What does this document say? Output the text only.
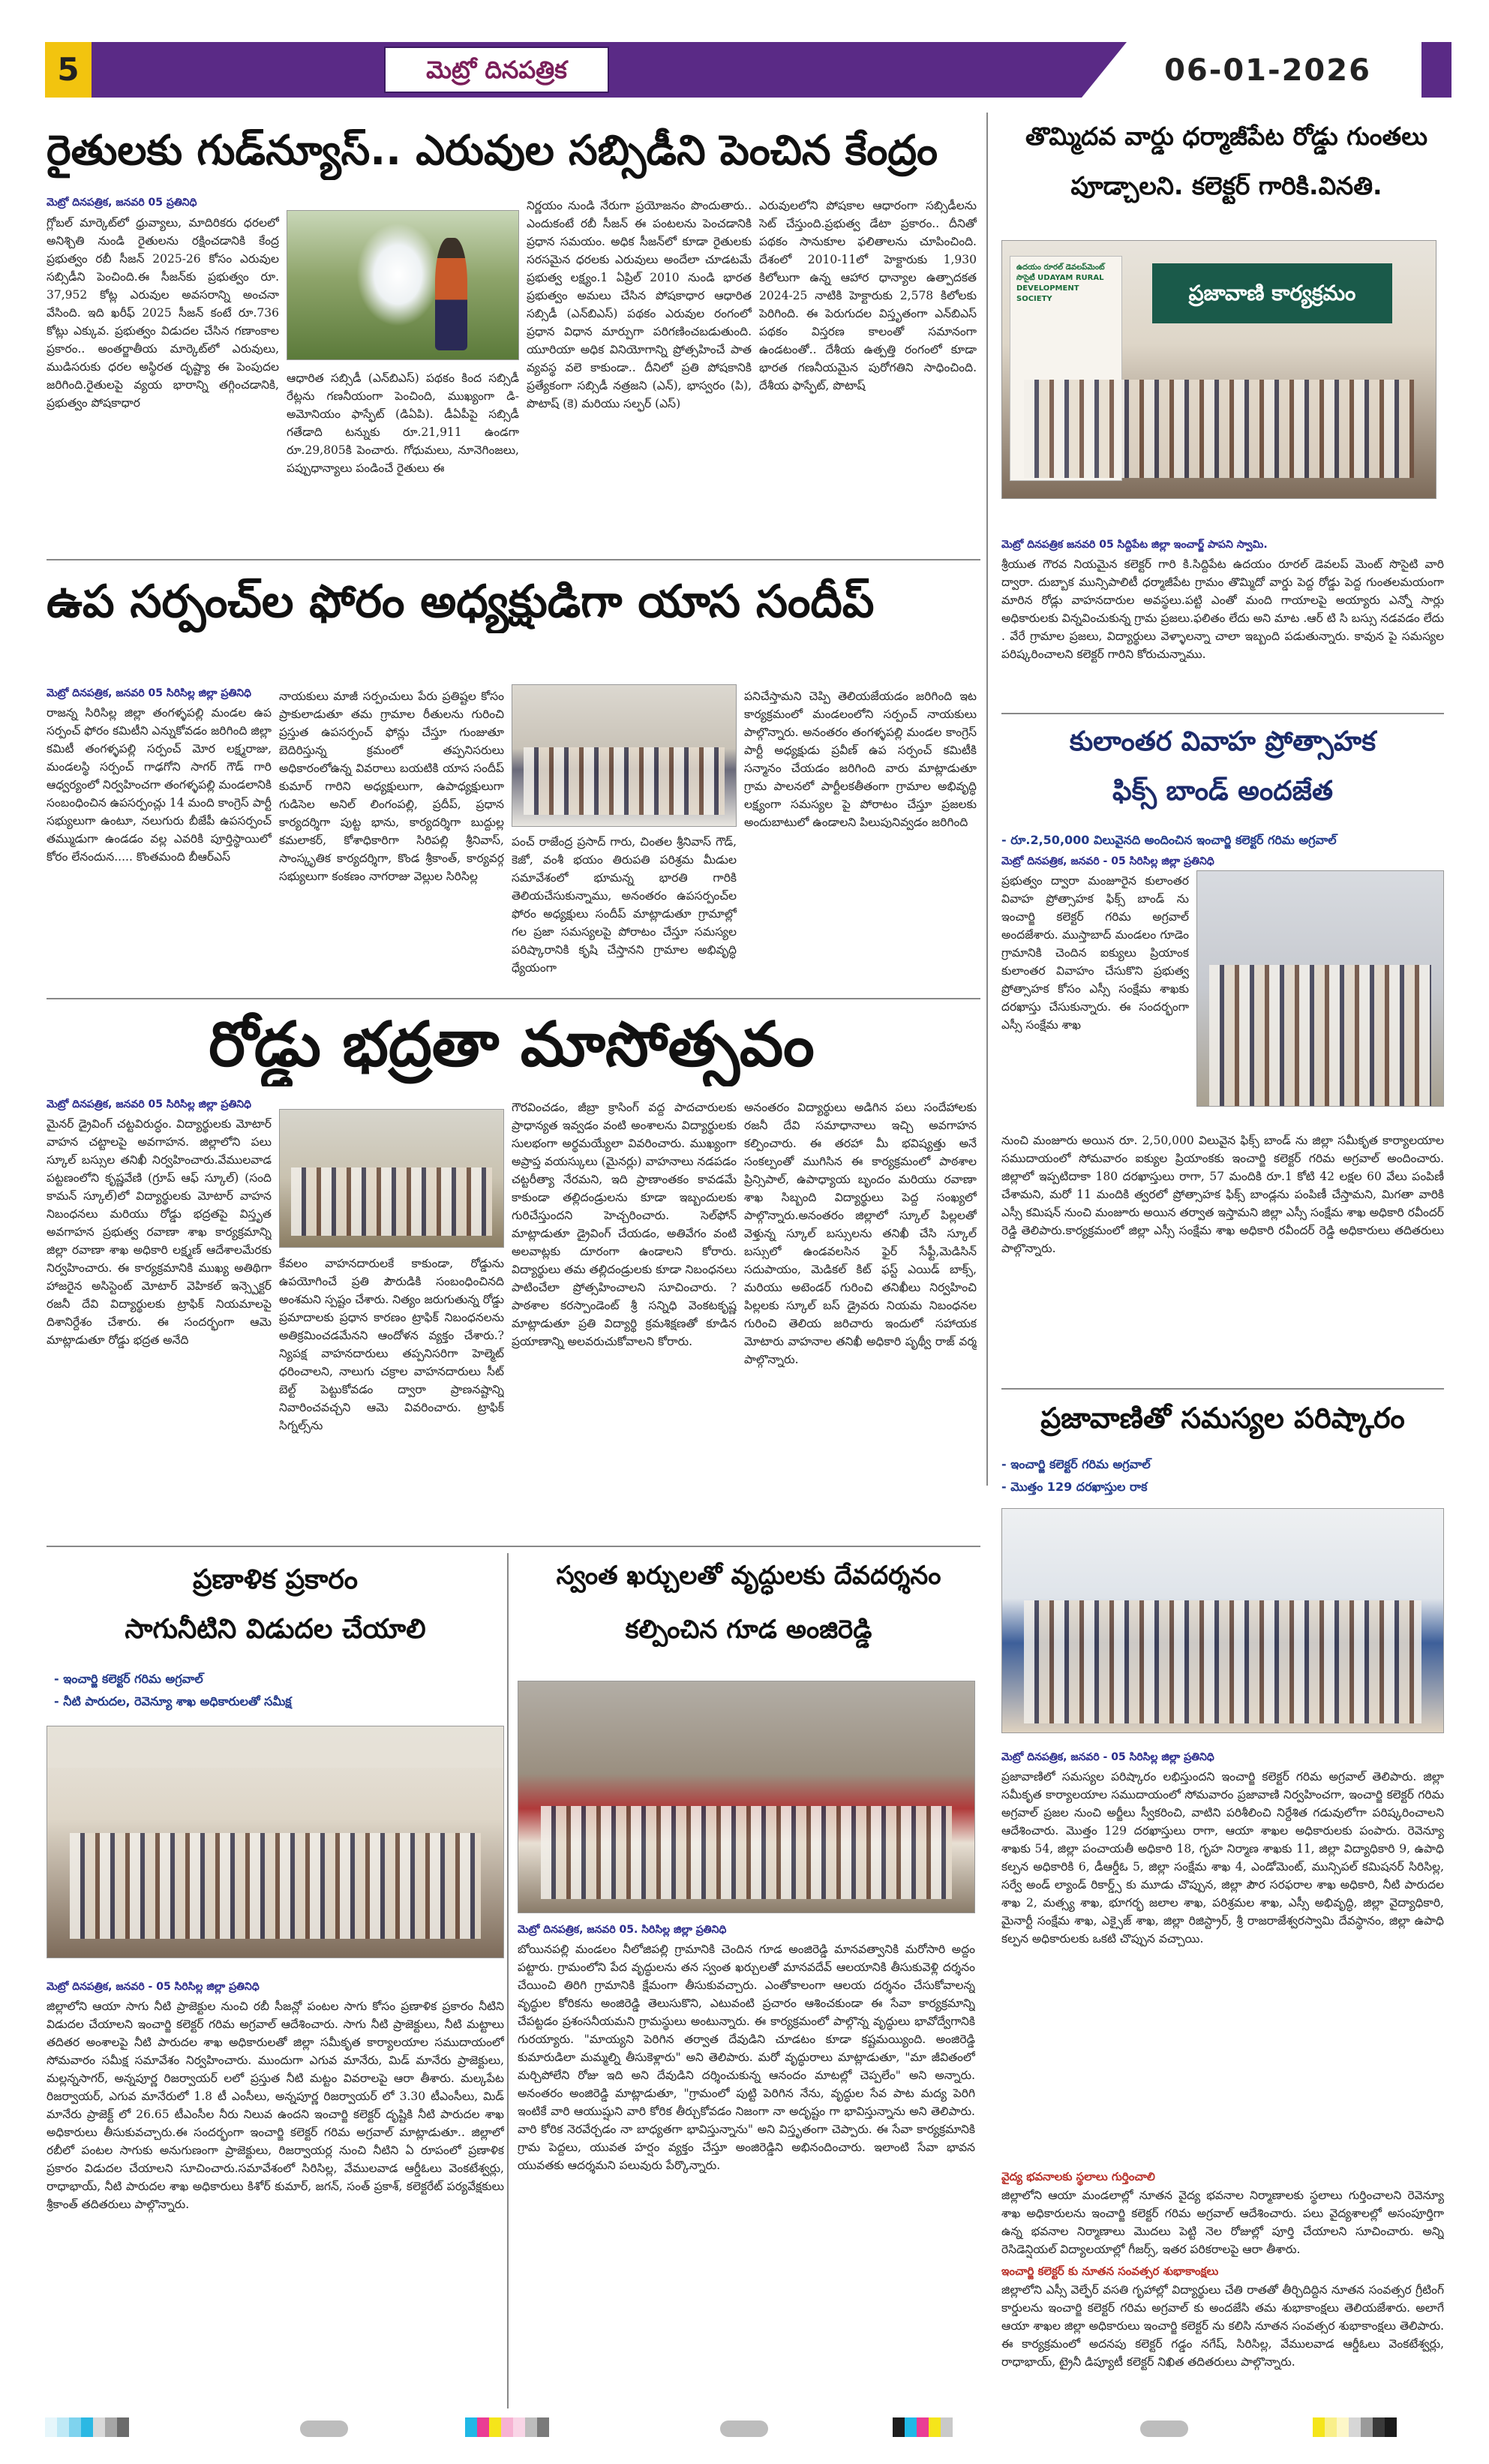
5	మెట్రో దినపత్రిక	06-01-2026
రైతులకు గుడ్‌న్యూస్.. ఎరువుల సబ్సిడీని పెంచిన కేంద్రం
మెట్రో దినపత్రిక, జనవరి 05 ప్రతినిధి
గ్లోబల్ మార్కెట్‌లో ధ్రువ్యాలు, మాదిరికరు ధరలలో అనిశ్చితి నుండి రైతులను రక్షించడానికి కేంద్ర ప్రభుత్వం రబీ సీజన్ 2025-26 కోసం ఎరువుల సబ్సిడీని పెంచింది.ఈ సీజన్‌కు ప్రభుత్వం రూ. 37,952 కోట్ల ఎరువుల అవసరాన్ని అంచనా వేసింది. ఇది ఖరీఫ్ 2025 సీజన్ కంటే రూ.736 కోట్లు ఎక్కువ. ప్రభుత్వం విడుదల చేసిన గణాంకాల ప్రకారం.. అంతర్జాతీయ మార్కెట్‌లో ఎరువులు, ముడిసరుకు ధరల అస్థిరత దృష్ట్యా ఈ పెంపుదల జరిగింది.రైతులపై వ్యయ భారాన్ని తగ్గించడానికి, ప్రభుత్వం పోషకాధార
ఆధారిత సబ్సిడీ (ఎన్‌బిఎస్) పథకం కింద సబ్సిడీ రేట్లను గణనీయంగా పెంచింది, ముఖ్యంగా డి-అమోనియం ఫాస్ఫేట్ (డిఏపి). డీఏపీపై సబ్సిడీ గతేడాది టన్నుకు రూ.21,911 ఉండగా రూ.29,805కి పెంచారు. గోధుమలు, నూనెగింజలు, పప్పుధాన్యాలు పండించే రైతులు ఈ
నిర్ణయం నుండి నేరుగా ప్రయోజనం పొందుతారు.. ఎందుకంటే రబీ సీజన్ ఈ పంటలను పెంచడానికి ప్రధాన సమయం. అధిక సీజన్‌లో కూడా రైతులకు సరసమైన ధరలకు ఎరువులు అందేలా చూడటమే ప్రభుత్వ లక్ష్యం.1 ఏప్రిల్ 2010 నుండి భారత ప్రభుత్వం అమలు చేసిన పోషకాధార ఆధారిత సబ్సిడీ (ఎన్‌బిఎస్) పథకం ఎరువుల రంగంలో ప్రధాన విధాన మార్పుగా పరిగణించబడుతుంది. యూరియా అధిక వినియోగాన్ని ప్రోత్సహించే పాత వ్యవస్థ వలె కాకుండా.. దీనిలో ప్రతి పోషకానికి ప్రత్యేకంగా సబ్సిడీ నత్రజని (ఎన్), భాస్వరం (పి), పొటాష్ (కె) మరియు సల్ఫర్ (ఎస్)
ఎరువులలోని పోషకాల ఆధారంగా సబ్సిడీలను సెట్ చేస్తుంది.ప్రభుత్వ డేటా ప్రకారం.. దీనితో పథకం సానుకూల ఫలితాలను చూపించింది. దేశంలో 2010-11లో హెక్టారుకు 1,930 కిలోలుగా ఉన్న ఆహార ధాన్యాల ఉత్పాదకత 2024-25 నాటికి హెక్టారుకు 2,578 కిలోలకు పెరిగింది. ఈ పెరుగుదల విస్తృతంగా ఎన్‌బిఎస్ పథకం విస్తరణ కాలంతో సమానంగా ఉండటంతో.. దేశీయ ఉత్పత్తి రంగంలో కూడా భారత గణనీయమైన పురోగతిని సాధించింది. దేశీయ ఫాస్ఫేట్, పొటాష్
తొమ్మిదవ వార్డు ధర్మాజీపేట రోడ్డు గుంతలు
పూడ్చాలని. కలెక్టర్ గారికి.వినతి.
ఉదయం రూరల్ డెవలప్‌మెంట్ సొసైటీ UDAYAM RURAL DEVELOPMENT SOCIETY	ప్రజావాణి కార్యక్రమం
మెట్రో దినపత్రిక జనవరి 05 సిద్దిపేట జిల్లా ఇంచార్జ్ పాపని స్వామి.
శ్రీయుత గౌరవ నియమైన కలెక్టర్ గారి కి.సిద్దిపేట ఉదయం రూరల్ డెవలప్ మెంట్ సొసైటి వారి ద్వారా. దుబ్బాక మున్సిపాలిటీ ధర్మాజీపేట గ్రామం తొమ్మిదో వార్డు పెద్ద రోడ్డు పెద్ద గుంతలమయంగా మారిన రోడ్లు వాహనదారుల అవస్థలు.పట్టి ఎంతో మంది గాయాలపై అయ్యారు ఎన్నో సార్లు అధికారులకు విన్నవించుకున్న గ్రామ ప్రజలు.ఫలితం లేదు అని మాట .ఆర్ టి సి బస్సు నడవడం లేదు . వేరే గ్రామాల ప్రజలు, విద్యార్థులు వెళ్ళాలన్నా చాలా ఇబ్బంది పడుతున్నారు. కావున పై సమస్యల పరిష్కరించాలని కలెక్టర్ గారిని కోరుచున్నాము.
ఉప సర్పంచ్‌ల ఫోరం అధ్యక్షుడిగా యాస సందీప్
మెట్రో దినపత్రిక, జనవరి 05 సిరిసిల్ల జిల్లా ప్రతినిధి
రాజన్న సిరిసిల్ల జిల్లా తంగళ్ళపల్లి మండల ఉప సర్పంచ్ ఫోరం కమిటీని ఎన్నుకోవడం జరిగింది జిల్లా కమిటీ తంగళ్ళపల్లి సర్పంచ్ మోర లక్ష్మరాజు, మండలస్థి సర్పంచ్ గాఢగోని సాగర్ గౌడ్ గారి ఆధ్వర్యంలో నిర్వహించగా తంగళ్ళపల్లి మండలానికి సంబంధించిన ఉపసర్పంచ్లు 14 మంది కాంగ్రెస్ పార్టీ సభ్యులుగా ఉంటూ, నలుగురు బీజేపీ ఉపసర్పంచ్ తమ్ముడుగా ఉండడం వల్ల ఎవరికి పూర్తిస్థాయిలో కోరం లేనందున..... కొంతమంది బీఆర్ఎస్
నాయకులు మాజీ సర్పంచులు పేరు ప్రతిష్టల కోసం ప్రాకులాడుతూ తమ గ్రామాల రీతులను గురించి ప్రస్తుత ఉపసర్పంచ్ ఫోన్లు చేస్తూ గుంజుతూ బెదిరిస్తున్న క్రమంలో తప్పనిసరులు అధికారంలోఉన్న వివరాలు బయటికి యాస సందీప్ కుమార్ గారిని అధ్యక్షులుగా, ఉపాధ్యక్షులుగా గుడిసెల అనిల్ లింగంపల్లి, ప్రదీప్, ప్రధాన కార్యదర్శిగా పుట్ట భాను, కార్యదర్శిగా బుద్దుల్ల కమలాకర్, కోశాధికారిగా సిరిపల్లి శ్రీనివాస్, సాంస్కృతిక కార్యదర్శిగా, కొండ శ్రీకాంత్, కార్యవర్గ సభ్యులుగా కంకణం నాగరాజు వెల్లుల సిరిసిల్ల
పంచ్ రాజేంద్ర ప్రసాద్ గారు, చింతల శ్రీనివాస్ గౌడ్, కెజో, వంశీ భయం తిరుపతి పరిశ్రమ మీడుల సమావేశంలో భూమన్న భారతి గారికి తెలియచేసుకున్నాము, అనంతరం ఉపసర్పంచ్‌ల ఫోరం అధ్యక్షులు సందీప్ మాట్లాడుతూ గ్రామాల్లో గల ప్రజా సమస్యలపై పోరాటం చేస్తూ సమస్యల పరిష్కారానికి కృషి చేస్తానని గ్రామాల అభివృద్ధి ధ్యేయంగా
పనిచేస్తామని చెప్పి తెలియజేయడం జరిగింది ఇట కార్యక్రమంలో మండలంలోని సర్పంచ్ నాయకులు పాల్గొన్నారు. అనంతరం తంగళ్ళపల్లి మండల కాంగ్రెస్ పార్టీ అధ్యక్షుడు ప్రవీణ్ ఉప సర్పంచ్ కమిటీకి సన్మానం చేయడం జరిగింది వారు మాట్లాడుతూ గ్రామ పాలనలో పార్టీలకతీతంగా గ్రామాల అభివృద్ధి లక్ష్యంగా సమస్యల పై పోరాటం చేస్తూ ప్రజలకు అందుబాటులో ఉండాలని పిలుపునివ్వడం జరిగింది
కులాంతర వివాహ ప్రోత్సాహక
ఫిక్స్ బాండ్ అందజేత
- రూ.2,50,000 విలువైనది అందించిన ఇంచార్జి కలెక్టర్ గరిమ అగ్రవాల్
మెట్రో దినపత్రిక, జనవరి - 05 సిరిసిల్ల జిల్లా ప్రతినిధి
ప్రభుత్వం ద్వారా మంజూరైన కులాంతర వివాహ ప్రోత్సాహక ఫిక్స్ బాండ్ ను ఇంచార్జి కలెక్టర్ గరిమ అగ్రవాల్ అందజేశారు. ముస్తాబాద్ మండలం గూడెం గ్రామానికి చెందిన ఐక్యులు ప్రియాంక కులాంతర వివాహం చేసుకొని ప్రభుత్వ ప్రోత్సాహక కోసం ఎస్సీ సంక్షేమ శాఖకు దరఖాస్తు చేసుకున్నారు. ఈ సందర్భంగా ఎస్సీ సంక్షేమ శాఖ
నుంచి మంజూరు అయిన రూ. 2,50,000 విలువైన ఫిక్స్ బాండ్ ను జిల్లా సమీకృత కార్యాలయాల సముదాయంలో సోమవారం ఐక్యుల ప్రియాంకకు ఇంచార్జి కలెక్టర్ గరిమ అగ్రవాల్ అందించారు. జిల్లాలో ఇప్పటిదాకా 180 దరఖాస్తులు రాగా, 57 మందికి రూ.1 కోటి 42 లక్షల 60 వేలు పంపిణీ చేశామని, మరో 11 మందికి త్వరలో ప్రోత్సాహక ఫిక్స్ బాండ్లను పంపిణీ చేస్తామని, మిగతా వారికి ఎస్సీ కమిషన్ నుంచి మంజూరు అయిన తర్వాత ఇస్తామని జిల్లా ఎస్సీ సంక్షేమ శాఖ అధికారి రవీందర్ రెడ్డి తెలిపారు.కార్యక్రమంలో జిల్లా ఎస్సీ సంక్షేమ శాఖ అధికారి రవీందర్ రెడ్డి అధికారులు తదితరులు పాల్గొన్నారు.
రోడ్డు భద్రతా మాసోత్సవం
మెట్రో దినపత్రిక, జనవరి 05 సిరిసిల్ల జిల్లా ప్రతినిధి
మైనర్ డ్రైవింగ్ చట్టవిరుద్ధం. విద్యార్థులకు మోటార్ వాహన చట్టాలపై అవగాహన. జిల్లాలోని పలు స్కూల్ బస్సుల తనిఖీ నిర్వహించారు.వేములవాడ పట్టణంలోని కృష్ణవేణి (గ్రూప్ ఆఫ్ స్కూల్) (సంది కామన్ స్కూల్)లో విద్యార్థులకు మోటార్ వాహన నిబంధనలు మరియు రోడ్డు భద్రతపై విస్తృత అవగాహన ప్రభుత్వ రవాణా శాఖ కార్యక్రమాన్ని జిల్లా రవాణా శాఖ అధికారి లక్ష్మణ్ ఆదేశాలమేరకు నిర్వహించారు. ఈ కార్యక్రమానికి ముఖ్య అతిథిగా హాజరైన అసిస్టెంట్ మోటార్ వెహికల్ ఇన్స్పెక్టర్ రజనీ దేవి విద్యార్థులకు ట్రాఫిక్ నియమాలపై దిశానిర్దేశం చేశారు. ఈ సందర్భంగా ఆమె మాట్లాడుతూ రోడ్డు భద్రత అనేది
కేవలం వాహనదారులకే కాకుండా, రోడ్డును ఉపయోగించే ప్రతి పౌరుడికి సంబంధించినది అంశమని స్పష్టం చేశారు. నిత్యం జరుగుతున్న రోడ్డు ప్రమాదాలకు ప్రధాన కారణం ట్రాఫిక్ నిబంధనలను అతిక్రమించడమేనని ఆందోళన వ్యక్తం చేశారు.?న్యిపక్ష వాహనదారులు తప్పనిసరిగా హెల్మెట్ ధరించాలని, నాలుగు చక్రాల వాహనదారులు సీట్ బెల్ట్ పెట్టుకోవడం ద్వారా ప్రాణనష్టాన్ని నివారించవచ్చని ఆమె వివరించారు. ట్రాఫిక్ సిగ్నల్స్‌ను
గౌరవించడం, జీబ్రా క్రాసింగ్ వద్ద పాదచారులకు ప్రాధాన్యత ఇవ్వడం వంటి అంశాలను విద్యార్థులకు సులభంగా అర్థమయ్యేలా వివరించారు. ముఖ్యంగా అప్రాప్త వయస్కులు (మైనర్లు) వాహనాలు నడపడం చట్టరీత్యా నేరమని, ఇది ప్రాణాంతకం కావడమే కాకుండా తల్లిదండ్రులను కూడా ఇబ్బందులకు గురిచేస్తుందని హెచ్చరించారు. సెల్‌ఫోన్ మాట్లాడుతూ డ్రైవింగ్ చేయడం, అతివేగం వంటి అలవాట్లకు దూరంగా ఉండాలని కోరారు. విద్యార్థులు తమ తల్లిదండ్రులకు కూడా నిబంధనలు పాటించేలా ప్రోత్సహించాలని సూచించారు. ?పాఠశాల కరస్పాండెంట్ శ్రీ సన్నిధి వెంకటకృష్ణ మాట్లాడుతూ ప్రతి విద్యార్థి క్రమశిక్షణతో కూడిన ప్రయాణాన్ని అలవరుచుకోవాలని కోరారు.
అనంతరం విద్యార్థులు అడిగిన పలు సందేహాలకు రజనీ దేవి సమాధానాలు ఇచ్చి అవగాహన కల్పించారు. ఈ తరహా మీ భవిష్యత్తు అనే సంకల్పంతో ముగిసిన ఈ కార్యక్రమంలో పాఠశాల ప్రిన్సిపాల్, ఉపాధ్యాయ బృందం మరియు రవాణా శాఖ సిబ్బంది విద్యార్థులు పెద్ద సంఖ్యలో పాల్గొన్నారు.అనంతరం జిల్లాలో స్కూల్ పిల్లలతో వెళ్తున్న స్కూల్ బస్సులను తనిఖీ చేసి స్కూల్ బస్సులో ఉండవలసిన ఫైర్ సేఫ్టీ,మెడిసిన్ సదుపాయం, మెడికల్ కిట్ ఫస్ట్ ఎయిడ్ బాక్స్, మరియు అటెండర్ గురించి తనిఖీలు నిర్వహించి పిల్లలకు స్కూల్ బస్ డ్రైవరు నియమ నిబంధనల గురించి తెలియ జరిచారు ఇందులో సహాయక మోటారు వాహనాల తనిఖీ అధికారి పృథ్వీ రాజ్ వర్మ పాల్గొన్నారు.
ప్రజావాణితో సమస్యల పరిష్కారం
- ఇంచార్జి కలెక్టర్ గరిమ అగ్రవాల్
- మొత్తం 129 దరఖాస్తుల రాక
మెట్రో దినపత్రిక, జనవరి - 05 సిరిసిల్ల జిల్లా ప్రతినిధి
ప్రజావాణిలో సమస్యల పరిష్కారం లభిస్తుందని ఇంచార్జి కలెక్టర్ గరిమ అగ్రవాల్ తెలిపారు. జిల్లా సమీకృత కార్యాలయాల సముదాయంలో సోమవారం ప్రజావాణి నిర్వహించగా, ఇంచార్జి కలెక్టర్ గరిమ అగ్రవాల్ ప్రజల నుంచి అర్జీలు స్వీకరించి, వాటిని పరిశీలించి నిర్దేశిత గడువులోగా పరిష్కరించాలని ఆదేశించారు. మొత్తం 129 దరఖాస్తులు రాగా, ఆయా శాఖల అధికారులకు పంపారు. రెవెన్యూ శాఖకు 54, జిల్లా పంచాయతీ అధికారి 18, గృహ నిర్మాణ శాఖకు 11, జిల్లా విద్యాధికారి 9, ఉపాధి కల్పన అధికారికి 6, డీఆర్డీఓ 5, జిల్లా సంక్షేమ శాఖ 4, ఎండోమెంట్, మున్సిపల్ కమిషనర్ సిరిసిల్ల, సర్వే అండ్ ల్యాండ్ రికార్డ్స్ కు మూడు చొప్పున, జిల్లా పౌర సరఫరాల శాఖ అధికారి, నీటి పారుదల శాఖ 2, మత్స్య శాఖ, భూగర్భ జలాల శాఖ, పరిశ్రమల శాఖ, ఎస్సీ అభివృద్ధి, జిల్లా వైద్యాధికారి, మైనార్టీ సంక్షేమ శాఖ, ఎక్సైజ్ శాఖ, జిల్లా రిజిస్ట్రార్, శ్రీ రాజరాజేశ్వరస్వామి దేవస్థానం, జిల్లా ఉపాధి కల్పన అధికారులకు ఒకటి చొప్పున వచ్చాయి.
వైద్య భవనాలకు స్థలాలు గుర్తించాలి
జిల్లాలోని ఆయా మండలాల్లో నూతన వైద్య భవనాల నిర్మాణాలకు స్థలాలు గుర్తించాలని రెవెన్యూ శాఖ అధికారులను ఇంచార్జి కలెక్టర్ గరిమ అగ్రవాల్ ఆదేశించారు. పలు వైద్యశాలల్లో అసంపూర్తిగా ఉన్న భవనాల నిర్మాణాలు మొదలు పెట్టి నెల రోజుల్లో పూర్తి చేయాలని సూచించారు. అన్ని రెసిడెన్షియల్ విద్యాలయాల్లో గీజర్స్, ఇతర పరికరాలపై ఆరా తీశారు.
ఇంచార్జి కలెక్టర్ కు నూతన సంవత్సర శుభాకాంక్షలు
జిల్లాలోని ఎస్సీ వెల్ఫేర్ వసతి గృహాల్లో విద్యార్థులు చేతి రాతతో తీర్చిదిద్దిన నూతన సంవత్సర గ్రీటింగ్ కార్డులను ఇంచార్జి కలెక్టర్ గరిమ అగ్రవాల్ కు అందజేసి తమ శుభాకాంక్షలు తెలియజేశారు. అలాగే ఆయా శాఖల జిల్లా అధికారులు ఇంచార్జి కలెక్టర్ ను కలిసి నూతన సంవత్సర శుభాకాంక్షలు తెలిపారు. ఈ కార్యక్రమంలో అదనపు కలెక్టర్ గడ్డం నగేష్, సిరిసిల్ల, వేములవాడ ఆర్డీఓలు వెంకటేశ్వర్లు, రాధాభాయ్, ట్రైనీ డిప్యూటీ కలెక్టర్ నిఖిత తదితరులు పాల్గొన్నారు.
ప్రణాళిక ప్రకారం
సాగునీటిని విడుదల చేయాలి
- ఇంచార్జి కలెక్టర్ గరిమ అగ్రవాల్
- నీటి పారుదల, రెవెన్యూ శాఖ అధికారులతో సమీక్ష
మెట్రో దినపత్రిక, జనవరి - 05 సిరిసిల్ల జిల్లా ప్రతినిధి
జిల్లాలోని ఆయా సాగు నీటి ప్రాజెక్టుల నుంచి రబీ సీజన్లో పంటల సాగు కోసం ప్రణాళిక ప్రకారం నీటిని విడుదల చేయాలని ఇంచార్జి కలెక్టర్ గరిమ అగ్రవాల్ ఆదేశించారు. సాగు నీటి ప్రాజెక్టులు, నీటి మట్టాలు తదితర అంశాలపై నీటి పారుదల శాఖ అధికారులతో జిల్లా సమీకృత కార్యాలయాల సముదాయంలో సోమవారం సమీక్ష సమావేశం నిర్వహించారు. ముందుగా ఎగువ మానేరు, మిడ్ మానేరు ప్రాజెక్టులు, మల్లన్నసాగర్, అన్నపూర్ణ రిజర్వాయర్ లలో ప్రస్తుత నీటి మట్టం వివరాలపై ఆరా తీశారు. మల్కపేట రిజర్వాయర్, ఎగువ మానేరులో 1.8 టీ ఎంసీలు, అన్నపూర్ణ రిజర్వాయర్ లో 3.30 టీఎంసీలు, మిడ్ మానేరు ప్రాజెక్ట్ లో 26.65 టీఎంసీల నీరు నిలువ ఉందని ఇంచార్జి కలెక్టర్ దృష్టికి నీటి పారుదల శాఖ అధికారులు తీసుకువచ్చారు.ఈ సందర్భంగా ఇంచార్జి కలెక్టర్ గరిమ అగ్రవాల్ మాట్లాడుతూ.. జిల్లాలో రబీలో పంటల సాగుకు అనుగుణంగా ప్రాజెక్టులు, రిజర్వాయర్ల నుంచి నీటిని ఏ రూపంలో ప్రణాళిక ప్రకారం విడుదల చేయాలని సూచించారు.సమావేశంలో సిరిసిల్ల, వేములవాడ ఆర్డీఓలు వెంకటేశ్వర్లు, రాధాభాయ్, నీటి పారుదల శాఖ అధికారులు కిశోర్ కుమార్, జగన్, సంత్ ప్రకాశ్, కలెక్టరేట్ పర్యవేక్షకులు శ్రీకాంత్ తదితరులు పాల్గొన్నారు.
స్వంత ఖర్చులతో వృద్ధులకు దేవదర్శనం
కల్పించిన గూడ అంజిరెడ్డి
మెట్రో దినపత్రిక, జనవరి 05. సిరిసిల్ల జిల్లా ప్రతినిధి
బోయినపల్లి మండలం నీలోజిపల్లి గ్రామానికి చెందిన గూడ అంజిరెడ్డి మానవత్వానికి మరోసారి అద్దం పట్టారు. గ్రామంలోని పేద వృద్ధులను తన స్వంత ఖర్చులతో మానవదేవ్ ఆలయానికి తీసుకువెళ్లి దర్శనం చేయించి తిరిగి గ్రామానికి క్షేమంగా తీసుకువచ్చారు. ఎంతోకాలంగా ఆలయ దర్శనం చేసుకోవాలన్న వృద్ధుల కోరికను అంజిరెడ్డి తెలుసుకొని, ఎటువంటి ప్రచారం ఆశించకుండా ఈ సేవా కార్యక్రమాన్ని చేపట్టడం ప్రశంసనీయమని గ్రామస్థులు అంటున్నారు. ఈ కార్యక్రమంలో పాల్గొన్న వృద్ధులు భావోద్వేగానికి గురయ్యారు. "మాయ్యని పెరిగిన తర్వాత దేవుడిని చూడటం కూడా కష్టమయ్యింది. అంజిరెడ్డి కుమారుడిలా మమ్మల్ని తీసుకెళ్లారు" అని తెలిపారు. మరో వృద్ధురాలు మాట్లాడుతూ, "మా జీవితంలో మర్చిపోలేని రోజు ఇది అని దేవుడిని దర్శించుకున్న ఆనందం మాటల్లో చెప్పలేం" అని అన్నారు. అనంతరం అంజిరెడ్డి మాట్లాడుతూ, "గ్రామంలో పుట్టి పెరిగిన నేను, వృద్ధుల సేవ పాట మద్య పెరిగి ఇంటికే వారి ఆయుష్షుని వారి కోరిక తీర్చుకోవడం నిజంగా నా అదృష్టం గా భావిస్తున్నాను అని తెలిపారు. వారి కోరిక నెరవేర్చడం నా బాధ్యతగా భావిస్తున్నాను" అని విస్తృతంగా చెప్పారు. ఈ సేవా కార్యక్రమానికి గ్రామ పెద్దలు, యువత హర్షం వ్యక్తం చేస్తూ అంజిరెడ్డిని అభినందించారు. ఇలాంటి సేవా భావన యువతకు ఆదర్శమని పలువురు పేర్కొన్నారు.
